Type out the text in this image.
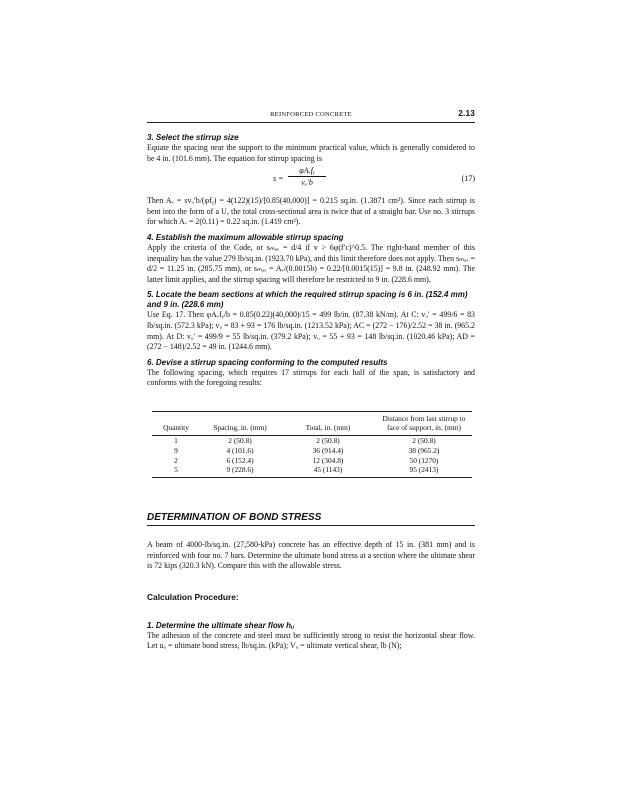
REINFORCED CONCRETE	2.13

3. Select the stirrup size

Equate the spacing near the support to the minimum practical value, which is generally considered to be 4 in. (101.6 mm). The equation for stirrup spacing is

s =
φAᵥfᵧ
vᵤ′b	(17)

Then Aᵥ = svᵤ′b/(φfᵧ) = 4(122)(15)/[0.85(40,000)] = 0.215 sq.in. (1.3871 cm²). Since each stirrup is bent into the form of a U, the total cross-sectional area is twice that of a straight bar. Use no. 3 stirrups for which Aᵥ = 2(0.11) = 0.22 sq.in. (1.419 cm²).

4. Establish the maximum allowable stirrup spacing

Apply the criteria of the Code, or sₘₐₓ = d/4 if v > 6φ(f′c)^0.5. The right-hand member of this inequality has the value 279 lb/sq.in. (1923.70 kPa), and this limit therefore does not apply. Then sₘₐₓ = d/2 = 11.25 in. (285.75 mm), or sₘₐₓ = Aᵥ/(0.0015b) = 0.22/[0.0015(15)] = 9.8 in. (248.92 mm). The latter limit applies, and the stirrup spacing will therefore be restricted to 9 in. (228.6 mm).

5. Locate the beam sections at which the required stirrup spacing is 6 in. (152.4 mm) and 9 in. (228.6 mm)

Use Eq. 17. Then φAᵥfᵧ/b = 0.85(0.22)(40,000)/15 = 499 lb/in. (87.38 kN/m). At C: vᵤ′ = 499/6 = 83 lb/sq.in. (572.3 kPa); vᵤ = 83 + 93 = 176 lb/sq.in. (1213.52 kPa); AC = (272 − 176)/2.52 = 38 in. (965.2 mm). At D: vᵤ′ = 499/9 = 55 lb/sq.in. (379.2 kPa); vᵤ = 55 + 93 = 148 lb/sq.in. (1020.46 kPa); AD = (272 − 148)/2.52 = 49 in. (1244.6 mm).

6. Devise a stirrup spacing conforming to the computed results

The following spacing, which requires 17 stirrups for each half of the span, is satisfactory and conforms with the foregoing results:

Quantity	Spacing, in. (mm)	Total, in. (mm)	Distance from last stirrup to face of support, in. (mm)
1	2 (50.8)	2 (50.8)	2 (50.8)
9	4 (101.6)	36 (914.4)	38 (965.2)
2	6 (152.4)	12 (304.8)	50 (1270)
5	9 (228.6)	45 (1143)	95 (2413)
DETERMINATION OF BOND STRESS

A beam of 4000-lb/sq.in. (27,580-kPa) concrete has an effective depth of 15 in. (381 mm) and is reinforced with four no. 7 bars. Determine the ultimate bond stress at a section where the ultimate shear is 72 kips (320.3 kN). Compare this with the allowable stress.

Calculation Procedure:

1. Determine the ultimate shear flow hᵤ

The adhesion of the concrete and steel must be sufficiently strong to resist the horizontal shear flow. Let uᵤ = ultimate bond stress, lb/sq.in. (kPa); Vᵤ = ultimate vertical shear, lb (N);
